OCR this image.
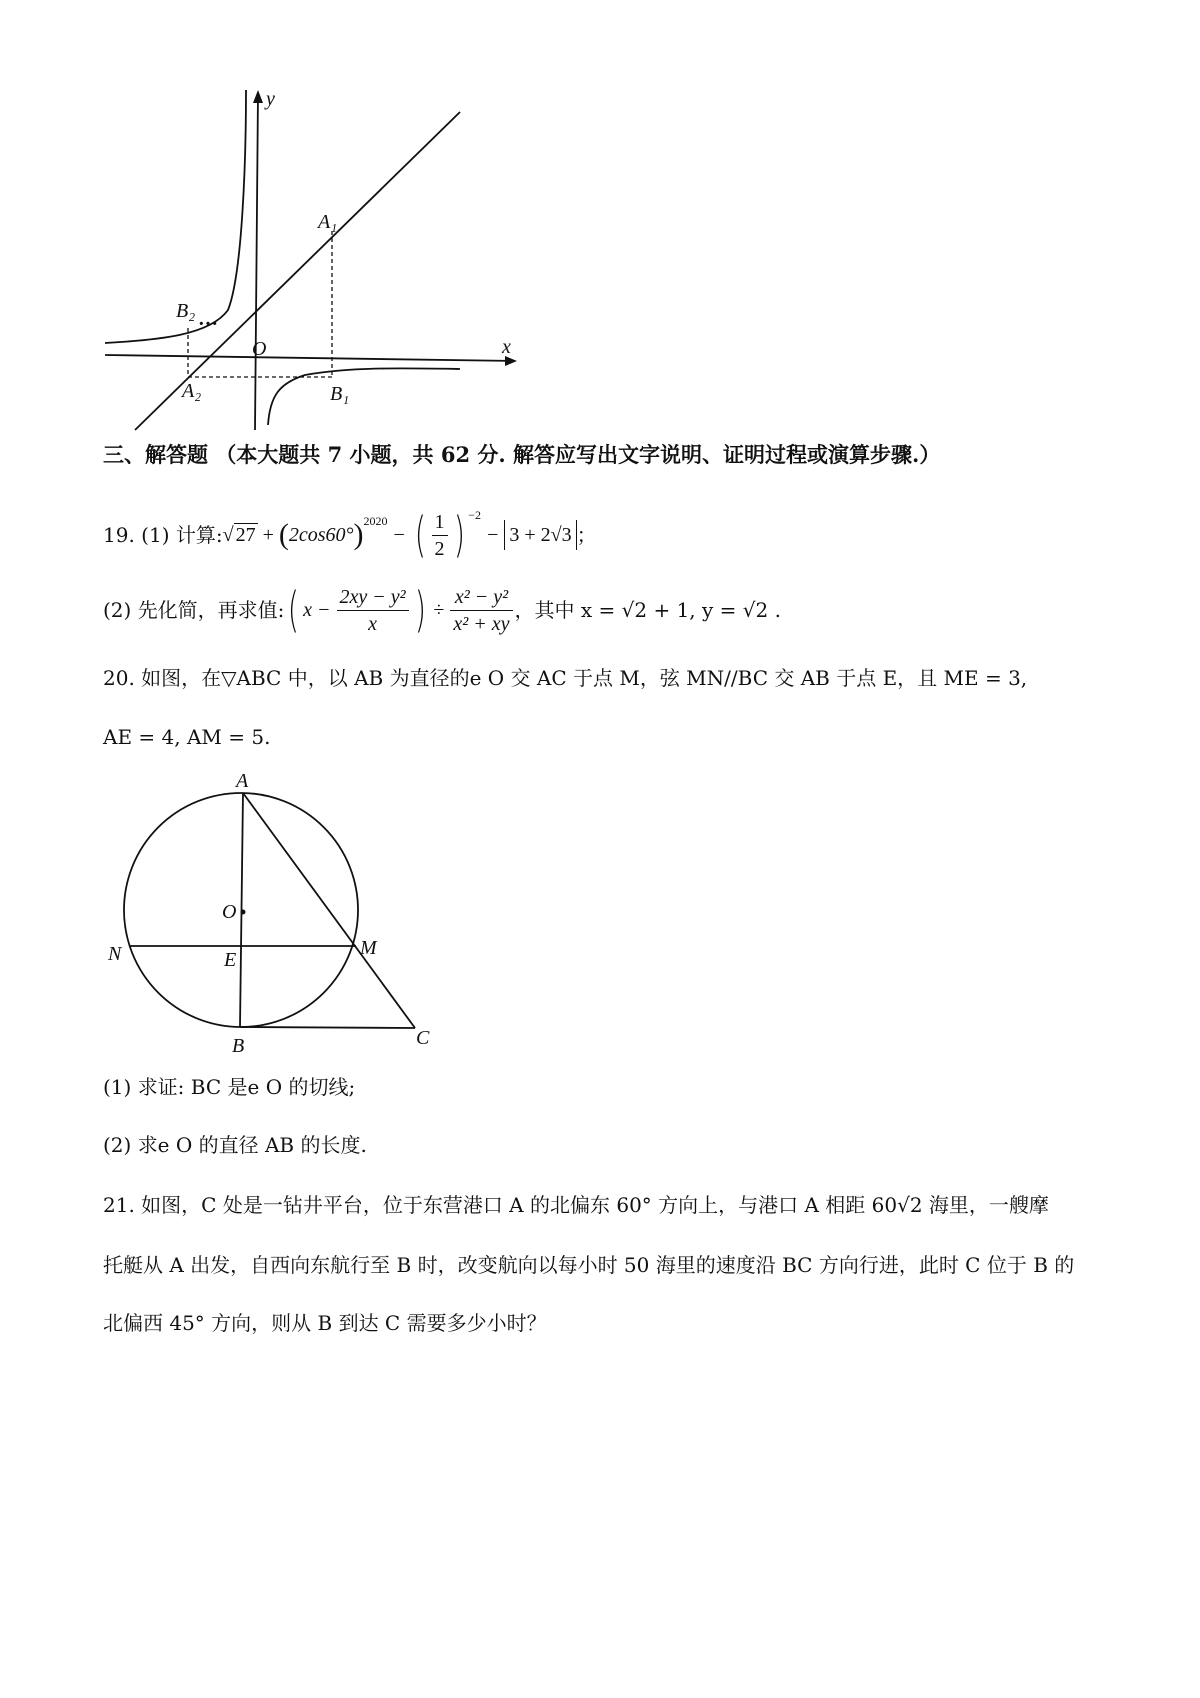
y
x
O
A₁
B₁
A₂
B₂
···
三、解答题 （本大题共 7 小题，共 62 分. 解答应写出文字说明、证明过程或演算步骤.）
19. (1) 计算: √ 27 + ( 2cos60° )$^{2020}$
− ( $\frac{1}{2}$ ) $^{-2}$
− 3 + 2√3 ；
(2) 先化简，再求值: ( $x - \frac{\text{2xy − y²}}{x}$ ) ÷ $\frac{\text{x² − y²}}{\text{x² + xy}}$ ，其中 x = √2 + 1, y = √2 .
20. 如图，在▽ABC 中，以 AB 为直径的e O 交 AC 于点 M，弦 MN//BC 交 AB 于点 E，且 ME = 3,
AE = 4, AM = 5.
A
O
N	E
M
B	C
(1) 求证: BC 是e O 的切线;
(2) 求e O 的直径 AB 的长度.
21. 如图，C 处是一钻井平台，位于东营港口 A 的北偏东 60° 方向上，与港口 A 相距 60√2 海里，一艘摩
托艇从 A 出发，自西向东航行至 B 时，改变航向以每小时 50 海里的速度沿 BC 方向行进，此时 C 位于 B 的
北偏西 45° 方向，则从 B 到达 C 需要多少小时？
